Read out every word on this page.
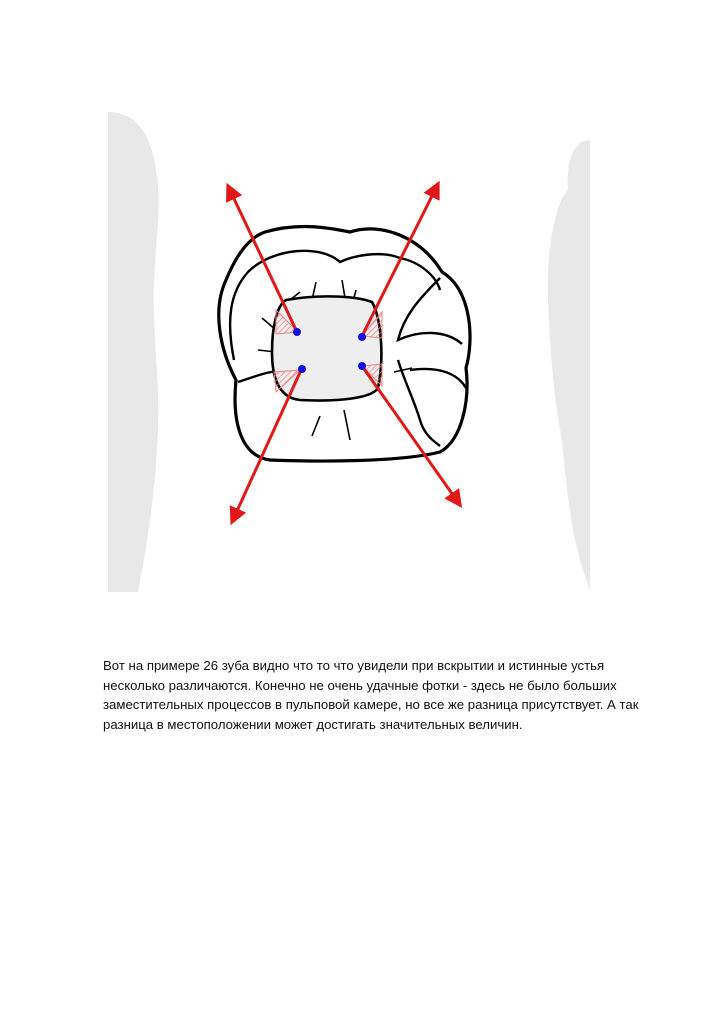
Вот на примере 26 зуба видно что то что увидели при вскрытии и истинные устья несколько различаются. Конечно не очень удачные фотки - здесь не было больших заместительных процессов в пульповой камере, но все же разница присутствует. А так разница в местоположении может достигать значительных величин.
